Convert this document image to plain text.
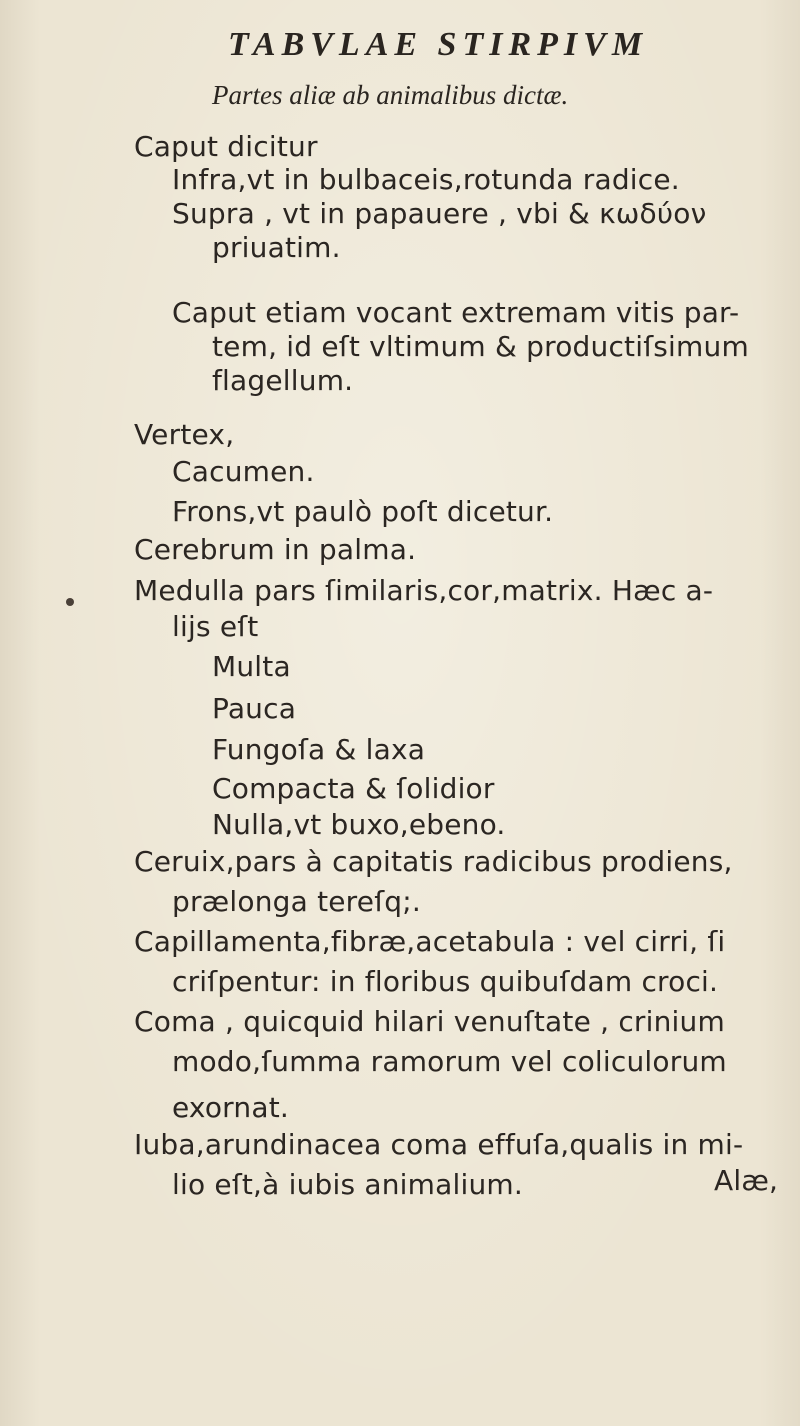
TABVLAE STIRPIVM
Partes aliæ ab animalibus dictæ.
Caput dicitur
Infra,vt in bulbaceis,rotunda radice.
Supra , vt in papauere , vbi & κωδύον
priuatim.
Caput etiam vocant extremam vitis par-
tem, id eſt vltimum & productiſsimum
flagellum.
Vertex,
Cacumen.
Frons,vt paulò poſt dicetur.
Cerebrum in palma.
Medulla pars ſimilaris,cor,matrix. Hæc a-
lijs eſt
Multa
Pauca
Fungoſa & laxa
Compacta & ſolidior
Nulla,vt buxo,ebeno.
Ceruix,pars à capitatis radicibus prodiens,
prælonga tereſq;.
Capillamenta,fibræ,acetabula : vel cirri, ſi
criſpentur: in floribus quibuſdam croci.
Coma , quicquid hilari venuſtate , crinium
modo,ſumma ramorum vel coliculorum
exornat.
Iuba,arundinacea coma effuſa,qualis in mi-
lio eſt,à iubis animalium.	Alæ,
